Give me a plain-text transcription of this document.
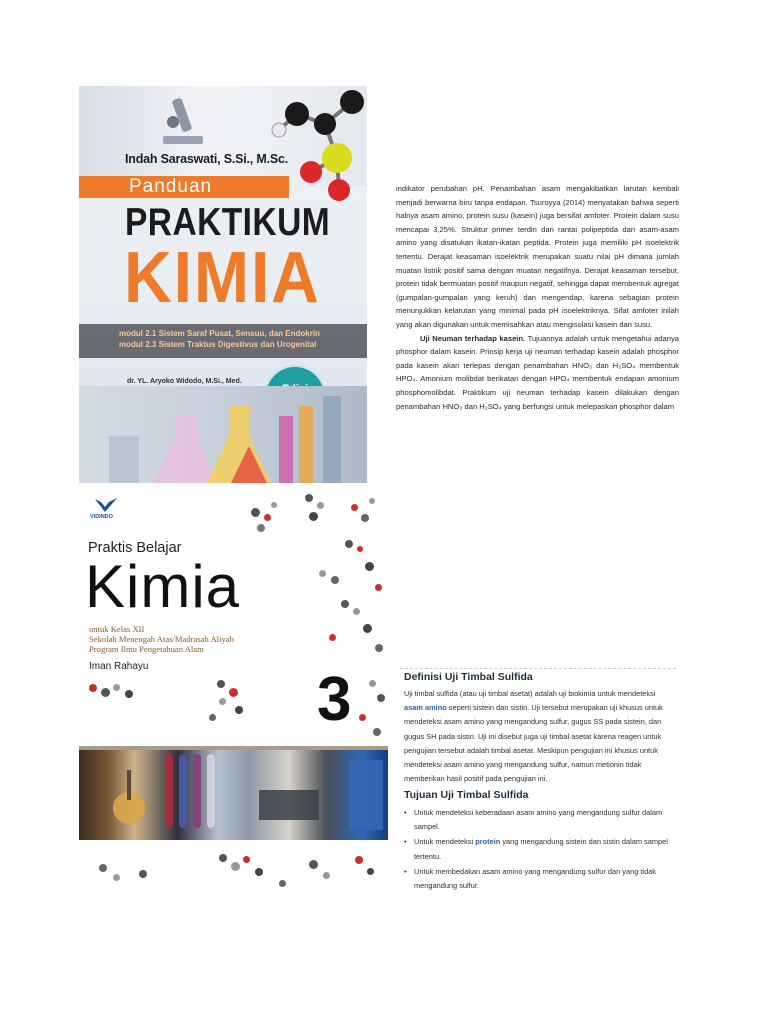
Indah Saraswati, S.Si., M.Sc.
Panduan
PRAKTIKUM
KIMIA
modul 2.1 Sistem Saraf Pusat, Sensuu, dan Endokrin
modul 2.3 Sistem Traktus Digestivus dan Urogenital
dr. YL. Aryoko Widodo, M.Si., Med.

indikator perubahan pH. Penambahan asam mengakibatkan larutan kembali menjadi berwarna biru tanpa endapan. Tsuroyya (2014) menyatakan bahwa seperti halnya asam amino, protein susu (kasein) juga bersifat amfoter. Protein dalam susu mencapai 3,25%. Struktur primer terdiri dari rantai polipeptida dari asam-asam amino yang disatukan ikatan-ikatan peptida. Protein juga memiliki pH isoelektrik tertentu. Derajat keasaman isoelektrik merupakan suatu nilai pH dimana jumlah muatan listrik positif sama dengan muatan negatifnya. Derajat keasaman tersebut, protein tidak bermuatan positif maupun negatif, sehingga dapat membentuk agregat (gumpalan-gumpalan yang keruh) dan mengendap, karena sebagian protein menunjukkan kelarutan yang minimal pada pH isoelektriknya. Sifat amfoter inilah yang akan digunakan untuk memisahkan atau mengisolasi kasein dari susu.

Uji Neuman terhadap kasein. Tujuannya adalah untuk mengetahui adanya phosphor dalam kasein. Prinsip kerja uji neuman terhadap kasein adalah phosphor pada kasein akan terlepas dengan penambahan HNO₃ dan H₂SO₄ membentuk HPO₄. Amonium molibdat berikatan dengan HPO₄ membentuk endapan amonium phosphomolibdat. Praktikum uji neuman terhadap kasein dilakukan dengan penambahan HNO₃ dan H₂SO₄ yang berfungsi untuk melepaskan phosphor dalam

VIDINDO
Praktis Belajar
Kimia
untuk Kelas XII
Sekolah Menengah Atas/Madrasah Aliyah
Program Ilmu Pengetahuan Alam
Iman Rahayu	3	Definisi Uji Timbal Sulfida
Uji timbal sulfida (atau uji timbal asetat) adalah uji biokimia untuk mendeteksi asam amino seperti sistein dan sistin. Uji tersebut merupakan uji khusus untuk mendeteksi asam amino yang mengandung sulfur, gugus SS pada sistein, dan gugus SH pada sistin. Uji ini disebut juga uji timbal asetat karena reagen untuk pengujian tersebut adalah timbal asetat. Meskipun pengujian ini khusus untuk mendeteksi asam amino yang mengandung sulfur, namun metionin tidak memberikan hasil positif pada pengujian ini.
Tujuan Uji Timbal Sulfida
• Untuk mendeteksi keberadaan asam amino yang mengandung sulfur dalam sampel.
• Untuk mendeteksi protein yang mengandung sistein dan sistin dalam sampel tertentu.
• Untuk membedakan asam amino yang mengandung sulfur dan yang tidak mengandung sulfur.
